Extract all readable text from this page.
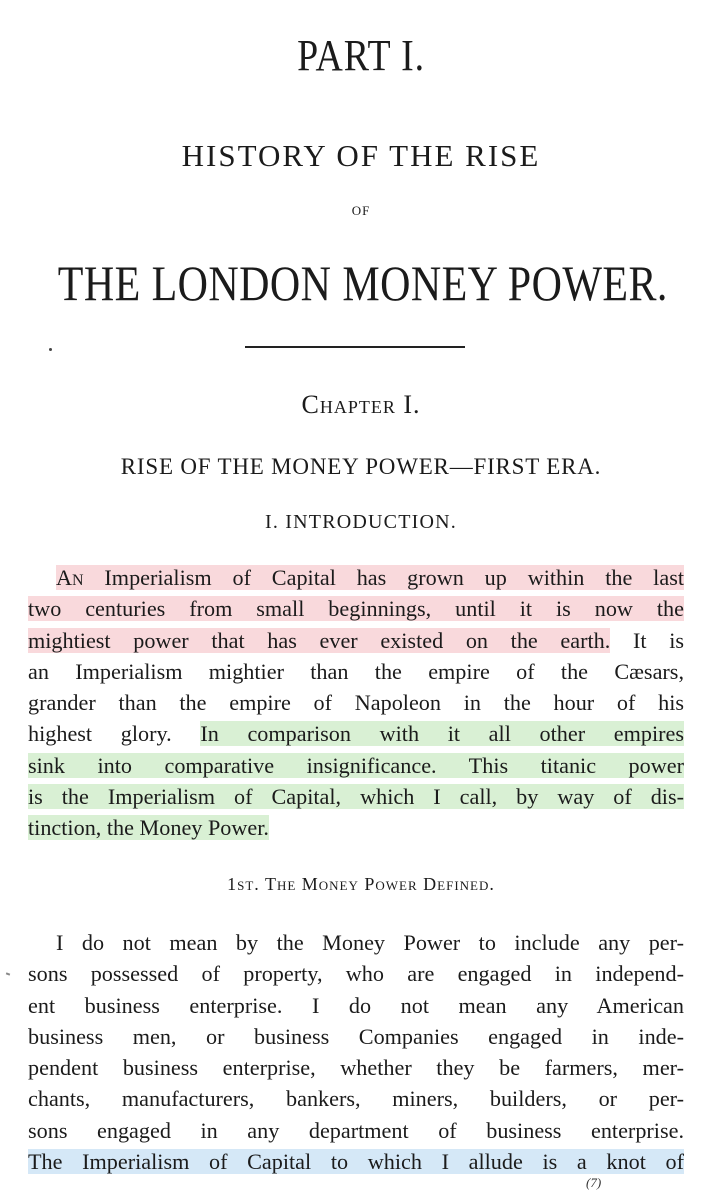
PART I.
HISTORY OF THE RISE
OF
THE LONDON MONEY POWER.
Chapter I.
RISE OF THE MONEY POWER—FIRST ERA.
I. INTRODUCTION.
An Imperialism of Capital has grown up within the last
two centuries from small beginnings, until it is now the
mightiest power that has ever existed on the earth. It is
an Imperialism mightier than the empire of the Cæsars,
grander than the empire of Napoleon in the hour of his
highest glory. In comparison with it all other empires
sink into comparative insignificance. This titanic power
is the Imperialism of Capital, which I call, by way of dis-
tinction, the Money Power.
1st. The Money Power Defined.
I do not mean by the Money Power to include any per-
sons possessed of property, who are engaged in independ-
ent business enterprise. I do not mean any American
business men, or business Companies engaged in inde-
pendent business enterprise, whether they be farmers, mer-
chants, manufacturers, bankers, miners, builders, or per-
sons engaged in any department of business enterprise.
The Imperialism of Capital to which I allude is a knot of
(7)
